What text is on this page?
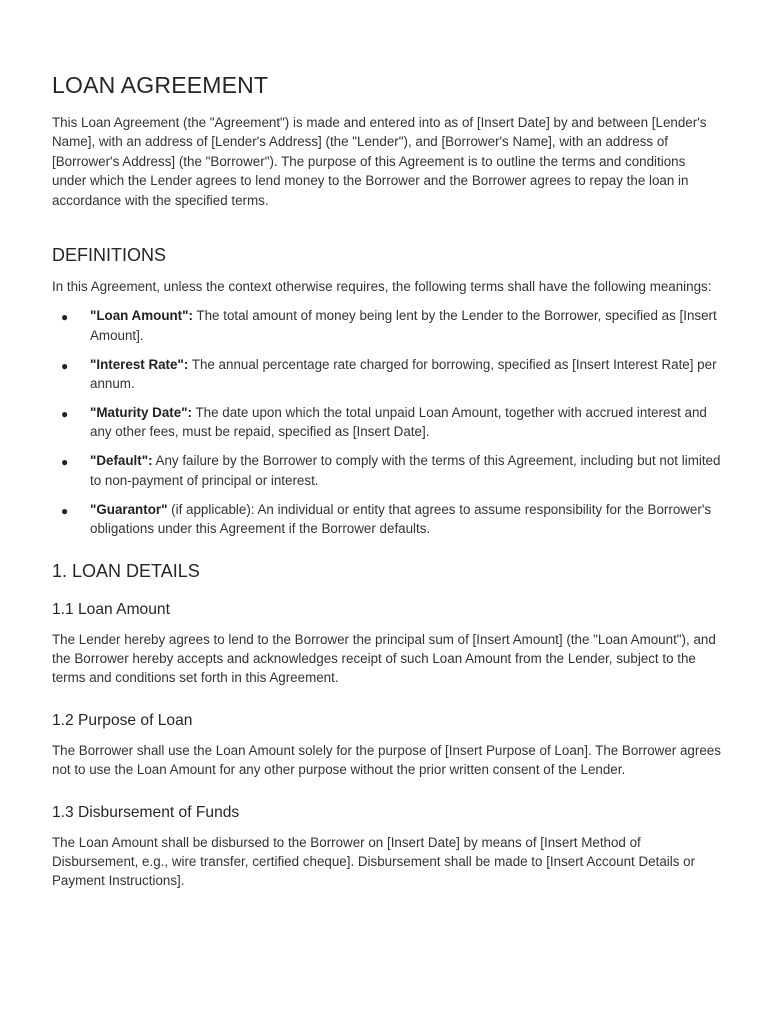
LOAN AGREEMENT

This Loan Agreement (the "Agreement") is made and entered into as of [Insert Date] by and between [Lender's Name], with an address of [Lender's Address] (the "Lender"), and [Borrower's Name], with an address of [Borrower's Address] (the "Borrower"). The purpose of this Agreement is to outline the terms and conditions under which the Lender agrees to lend money to the Borrower and the Borrower agrees to repay the loan in accordance with the specified terms.

DEFINITIONS

In this Agreement, unless the context otherwise requires, the following terms shall have the following meanings:

● "Loan Amount": The total amount of money being lent by the Lender to the Borrower, specified as [Insert Amount].
● "Interest Rate": The annual percentage rate charged for borrowing, specified as [Insert Interest Rate] per annum.
● "Maturity Date": The date upon which the total unpaid Loan Amount, together with accrued interest and any other fees, must be repaid, specified as [Insert Date].
● "Default": Any failure by the Borrower to comply with the terms of this Agreement, including but not limited to non-payment of principal or interest.
● "Guarantor" (if applicable): An individual or entity that agrees to assume responsibility for the Borrower's obligations under this Agreement if the Borrower defaults.
1. LOAN DETAILS
1.1 Loan Amount

The Lender hereby agrees to lend to the Borrower the principal sum of [Insert Amount] (the "Loan Amount"), and the Borrower hereby accepts and acknowledges receipt of such Loan Amount from the Lender, subject to the terms and conditions set forth in this Agreement.

1.2 Purpose of Loan

The Borrower shall use the Loan Amount solely for the purpose of [Insert Purpose of Loan]. The Borrower agrees not to use the Loan Amount for any other purpose without the prior written consent of the Lender.

1.3 Disbursement of Funds

The Loan Amount shall be disbursed to the Borrower on [Insert Date] by means of [Insert Method of Disbursement, e.g., wire transfer, certified cheque]. Disbursement shall be made to [Insert Account Details or Payment Instructions].
